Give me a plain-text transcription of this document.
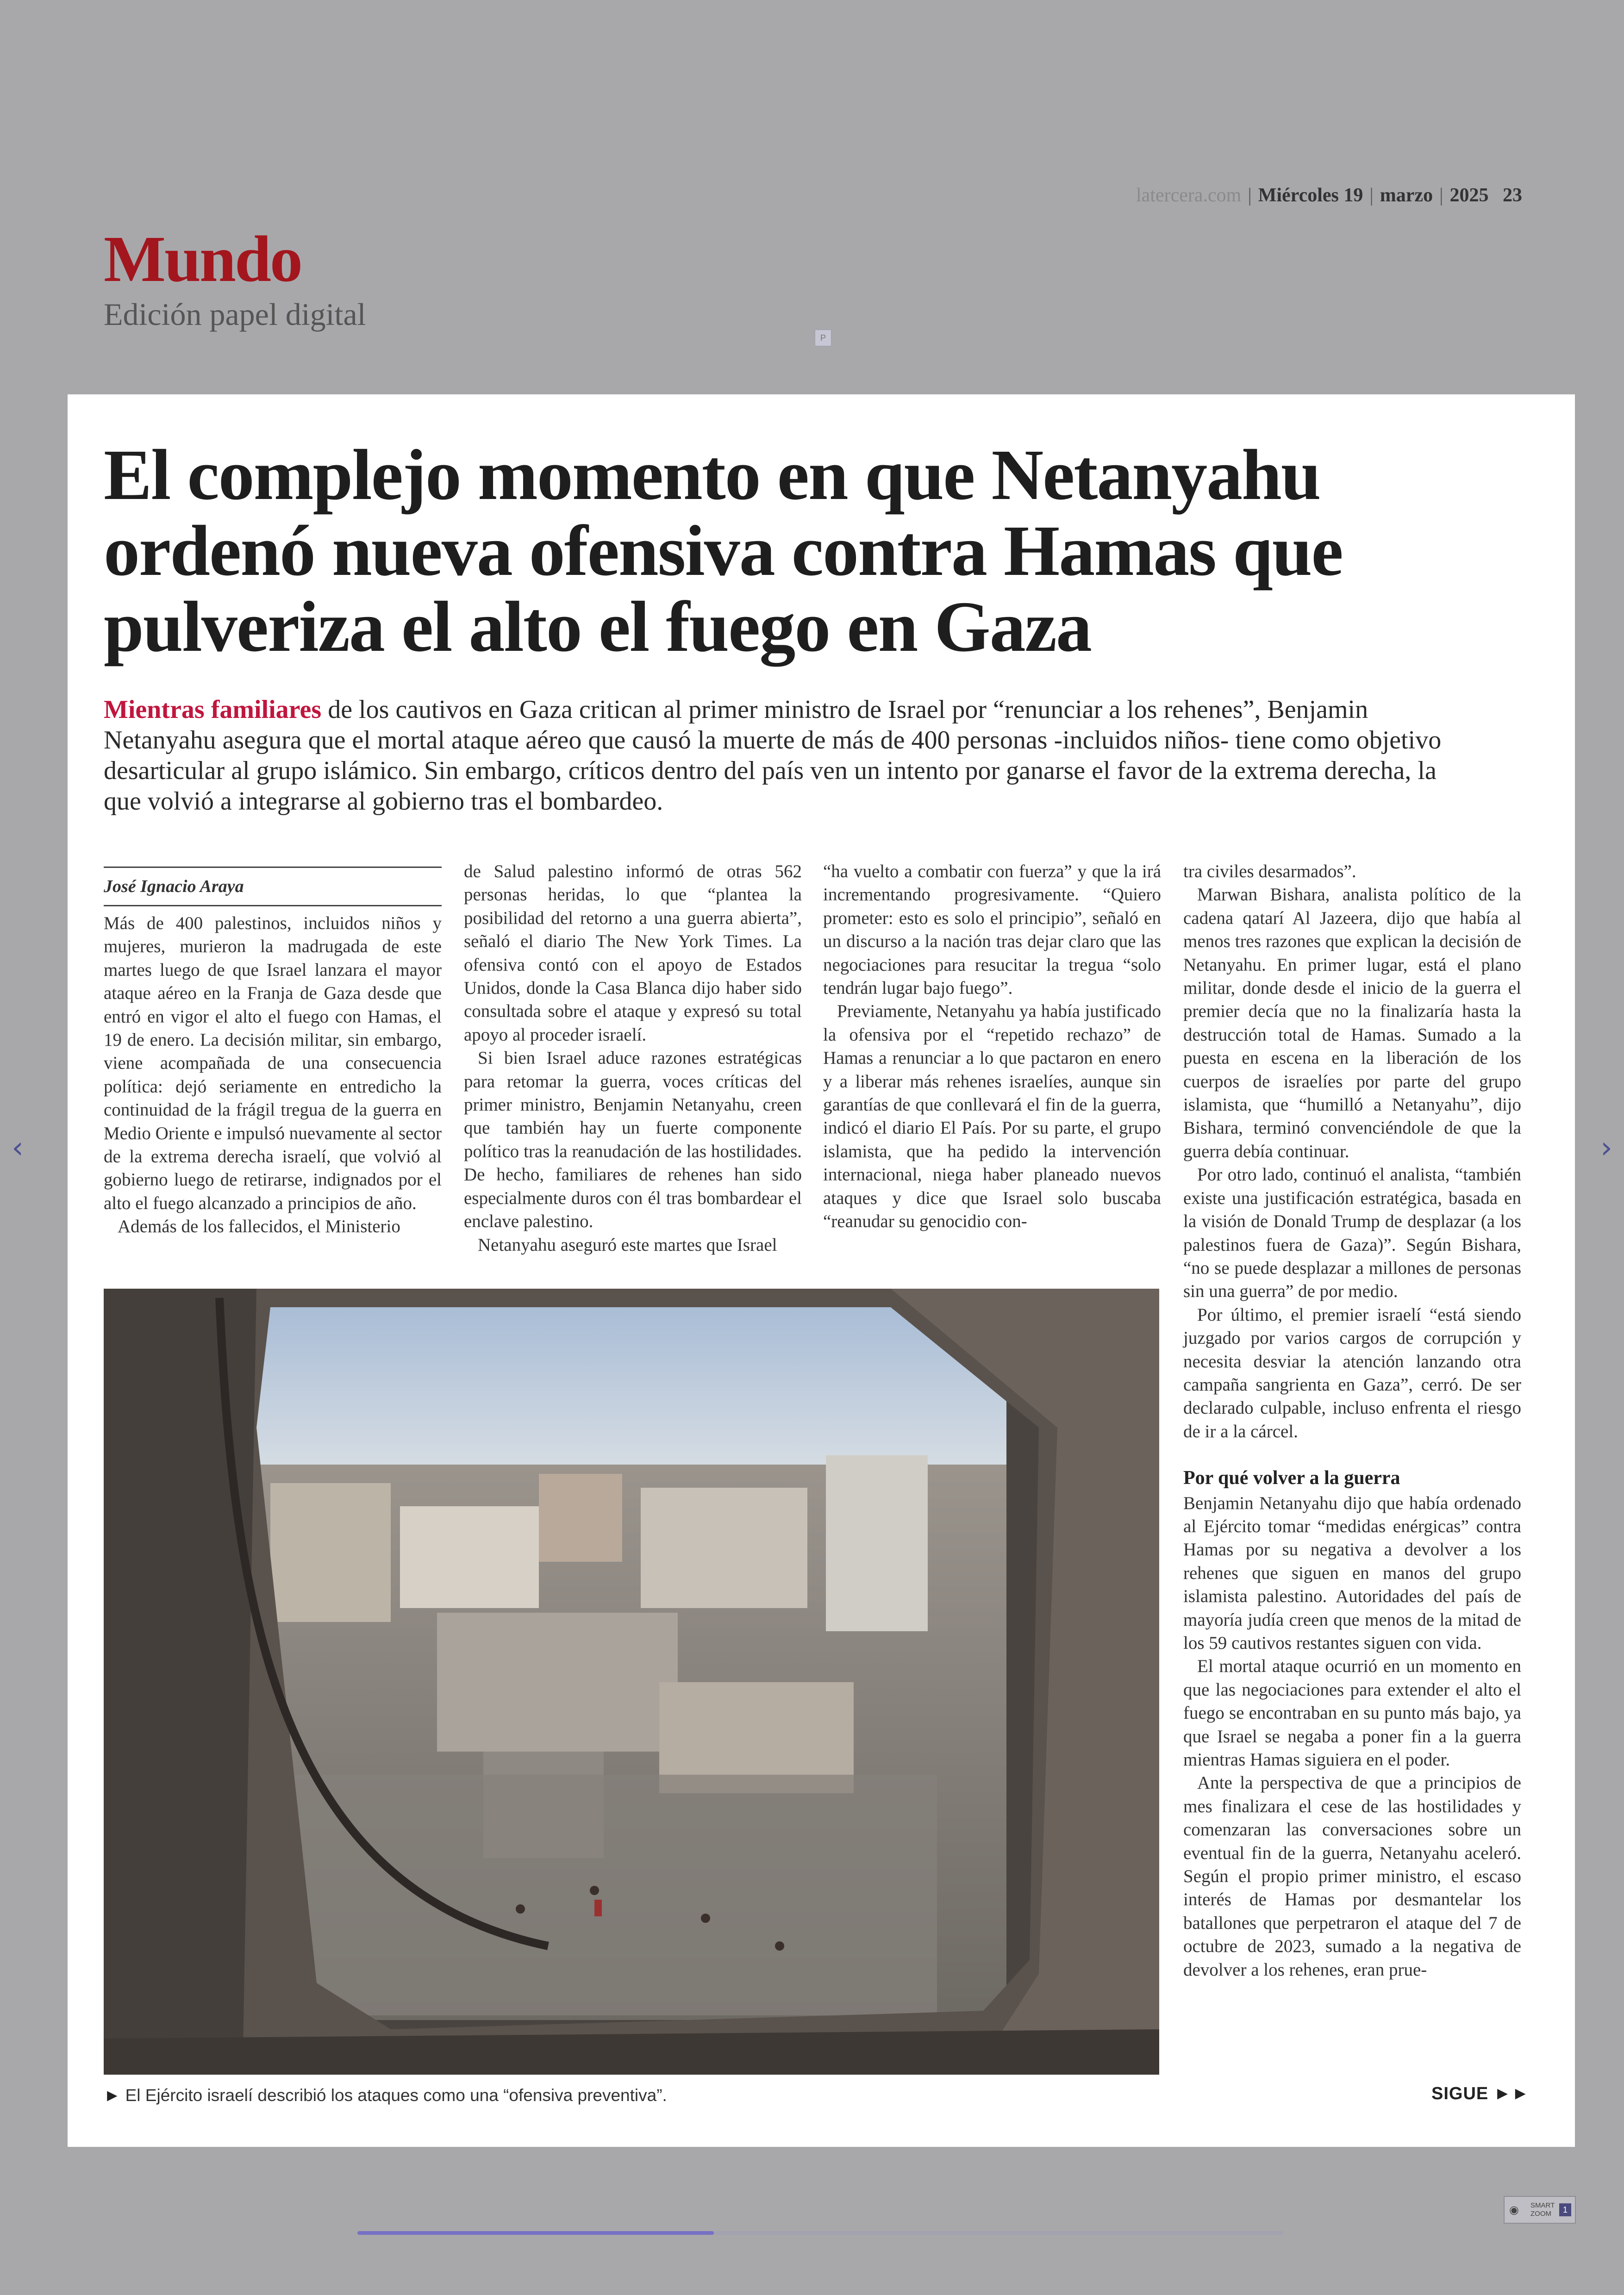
latercera.com | Miércoles 19 | marzo | 2025 23
Mundo
Edición papel digital
P
‹	›
El complejo momento en que Netanyahu ordenó nueva ofensiva contra Hamas que pulveriza el alto el fuego en Gaza

Mientras familiares de los cautivos en Gaza critican al primer ministro de Israel por “renunciar a los rehenes”, Benjamin Netanyahu asegura que el mortal ataque aéreo que causó la muerte de más de 400 personas -incluidos niños- tiene como objetivo desarticular al grupo islámico. Sin embargo, críticos dentro del país ven un intento por ganarse el favor de la extrema derecha, la que volvió a integrarse al gobierno tras el bombardeo.

José Ignacio Araya

Más de 400 palestinos, incluidos niños y mujeres, murieron la madrugada de este martes luego de que Israel lanzara el mayor ataque aéreo en la Franja de Gaza desde que entró en vigor el alto el fuego con Hamas, el 19 de enero. La decisión militar, sin embargo, viene acompañada de una consecuencia política: dejó seriamente en entredicho la continuidad de la frágil tregua de la guerra en Medio Oriente e impulsó nuevamente al sector de la extrema derecha israelí, que volvió al gobierno luego de retirarse, indignados por el alto el fuego alcanzado a principios de año.

Además de los fallecidos, el Ministerio

de Salud palestino informó de otras 562 personas heridas, lo que “plantea la posibilidad del retorno a una guerra abierta”, señaló el diario The New York Times. La ofensiva contó con el apoyo de Estados Unidos, donde la Casa Blanca dijo haber sido consultada sobre el ataque y expresó su total apoyo al proceder israelí.

Si bien Israel aduce razones estratégicas para retomar la guerra, voces críticas del primer ministro, Benjamin Netanyahu, creen que también hay un fuerte componente político tras la reanudación de las hostilidades. De hecho, familiares de rehenes han sido especialmente duros con él tras bombardear el enclave palestino.

Netanyahu aseguró este martes que Israel

“ha vuelto a combatir con fuerza” y que la irá incrementando progresivamente. “Quiero prometer: esto es solo el principio”, señaló en un discurso a la nación tras dejar claro que las negociaciones para resucitar la tregua “solo tendrán lugar bajo fuego”.

Previamente, Netanyahu ya había justificado la ofensiva por el “repetido rechazo” de Hamas a renunciar a lo que pactaron en enero y a liberar más rehenes israelíes, aunque sin garantías de que conllevará el fin de la guerra, indicó el diario El País. Por su parte, el grupo islamista, que ha pedido la intervención internacional, niega haber planeado nuevos ataques y dice que Israel solo buscaba “reanudar su genocidio con-

tra civiles desarmados”.

Marwan Bishara, analista político de la cadena qatarí Al Jazeera, dijo que había al menos tres razones que explican la decisión de Netanyahu. En primer lugar, está el plano militar, donde desde el inicio de la guerra el premier decía que no la finalizaría hasta la destrucción total de Hamas. Sumado a la puesta en escena en la liberación de los cuerpos de israelíes por parte del grupo islamista, que “humilló a Netanyahu”, dijo Bishara, terminó convenciéndole de que la guerra debía continuar.

Por otro lado, continuó el analista, “también existe una justificación estratégica, basada en la visión de Donald Trump de desplazar (a los palestinos fuera de Gaza)”. Según Bishara, “no se puede desplazar a millones de personas sin una guerra” de por medio.

Por último, el premier israelí “está siendo juzgado por varios cargos de corrupción y necesita desviar la atención lanzando otra campaña sangrienta en Gaza”, cerró. De ser declarado culpable, incluso enfrenta el riesgo de ir a la cárcel.

Por qué volver a la guerra

Benjamin Netanyahu dijo que había ordenado al Ejército tomar “medidas enérgicas” contra Hamas por su negativa a devolver a los rehenes que siguen en manos del grupo islamista palestino. Autoridades del país de mayoría judía creen que menos de la mitad de los 59 cautivos restantes siguen con vida.

El mortal ataque ocurrió en un momento en que las negociaciones para extender el alto el fuego se encontraban en su punto más bajo, ya que Israel se negaba a poner fin a la guerra mientras Hamas siguiera en el poder.

Ante la perspectiva de que a principios de mes finalizara el cese de las hostilidades y comenzaran las conversaciones sobre un eventual fin de la guerra, Netanyahu aceleró. Según el propio primer ministro, el escaso interés de Hamas por desmantelar los batallones que perpetraron el ataque del 7 de octubre de 2023, sumado a la negativa de devolver a los rehenes, eran prue-

► El Ejército israelí describió los ataques como una “ofensiva preventiva”.	SIGUE ►►
◉ SMART
ZOOM	1
